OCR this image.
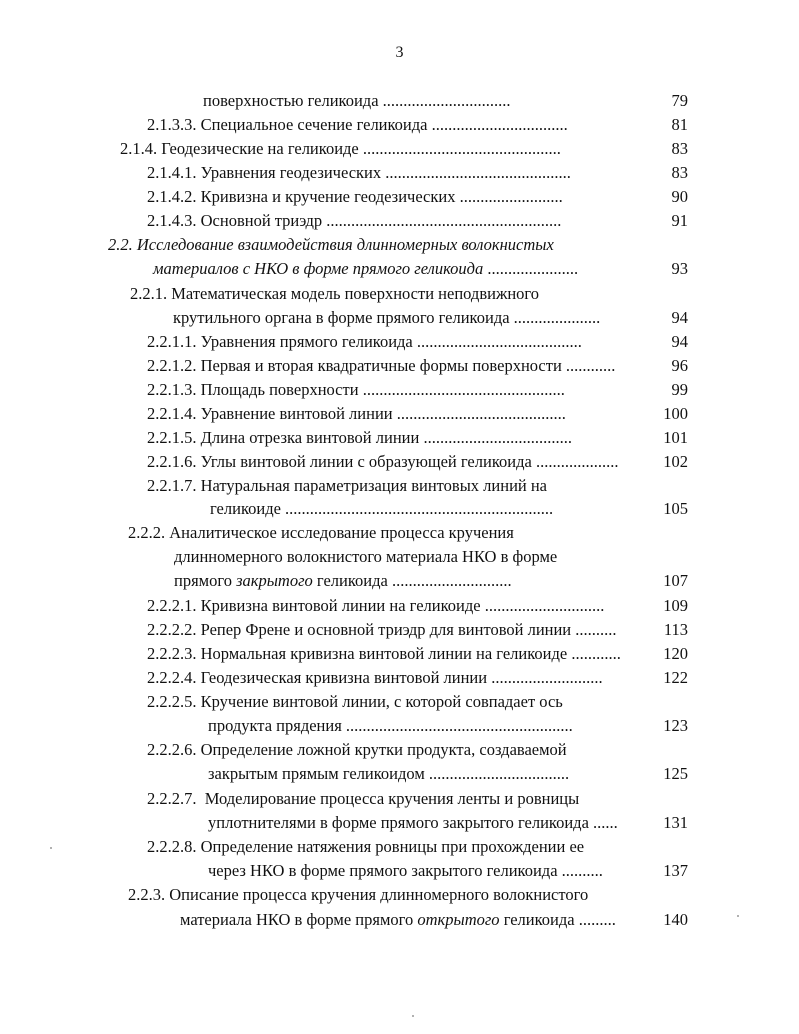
3
поверхностью геликоида ...............................	79
2.1.3.3. Специальное сечение геликоида .................................	81
2.1.4. Геодезические на геликоиде ................................................	83
2.1.4.1. Уравнения геодезических .............................................	83
2.1.4.2. Кривизна и кручение геодезических .........................	90
2.1.4.3. Основной триэдр .........................................................	91
2.2. Исследование взаимодействия длинномерных волокнистых
материалов с НКО в форме прямого геликоида ......................	93
2.2.1. Математическая модель поверхности неподвижного
крутильного органа в форме прямого геликоида .....................	94
2.2.1.1. Уравнения прямого геликоида ........................................	94
2.2.1.2. Первая и вторая квадратичные формы поверхности ............	96
2.2.1.3. Площадь поверхности .................................................	99
2.2.1.4. Уравнение винтовой линии .........................................	100
2.2.1.5. Длина отрезка винтовой линии ....................................	101
2.2.1.6. Углы винтовой линии с образующей геликоида ....................	102
2.2.1.7. Натуральная параметризация винтовых линий на
геликоиде .................................................................	105
2.2.2. Аналитическое исследование процесса кручения
длинномерного волокнистого материала НКО в форме
прямого закрытого геликоида .............................	107
2.2.2.1. Кривизна винтовой линии на геликоиде .............................	109
2.2.2.2. Репер Френе и основной триэдр для винтовой линии ..........	113
2.2.2.3. Нормальная кривизна винтовой линии на геликоиде ............	120
2.2.2.4. Геодезическая кривизна винтовой линии ...........................	122
2.2.2.5. Кручение винтовой линии, с которой совпадает ось
продукта прядения .......................................................	123
2.2.2.6. Определение ложной крутки продукта, создаваемой
закрытым прямым геликоидом ..................................	125
2.2.2.7. Моделирование процесса кручения ленты и ровницы
уплотнителями в форме прямого закрытого геликоида ......	131
2.2.2.8. Определение натяжения ровницы при прохождении ее
через НКО в форме прямого закрытого геликоида ..........	137
2.2.3. Описание процесса кручения длинномерного волокнистого
материала НКО в форме прямого открытого геликоида .........	140
